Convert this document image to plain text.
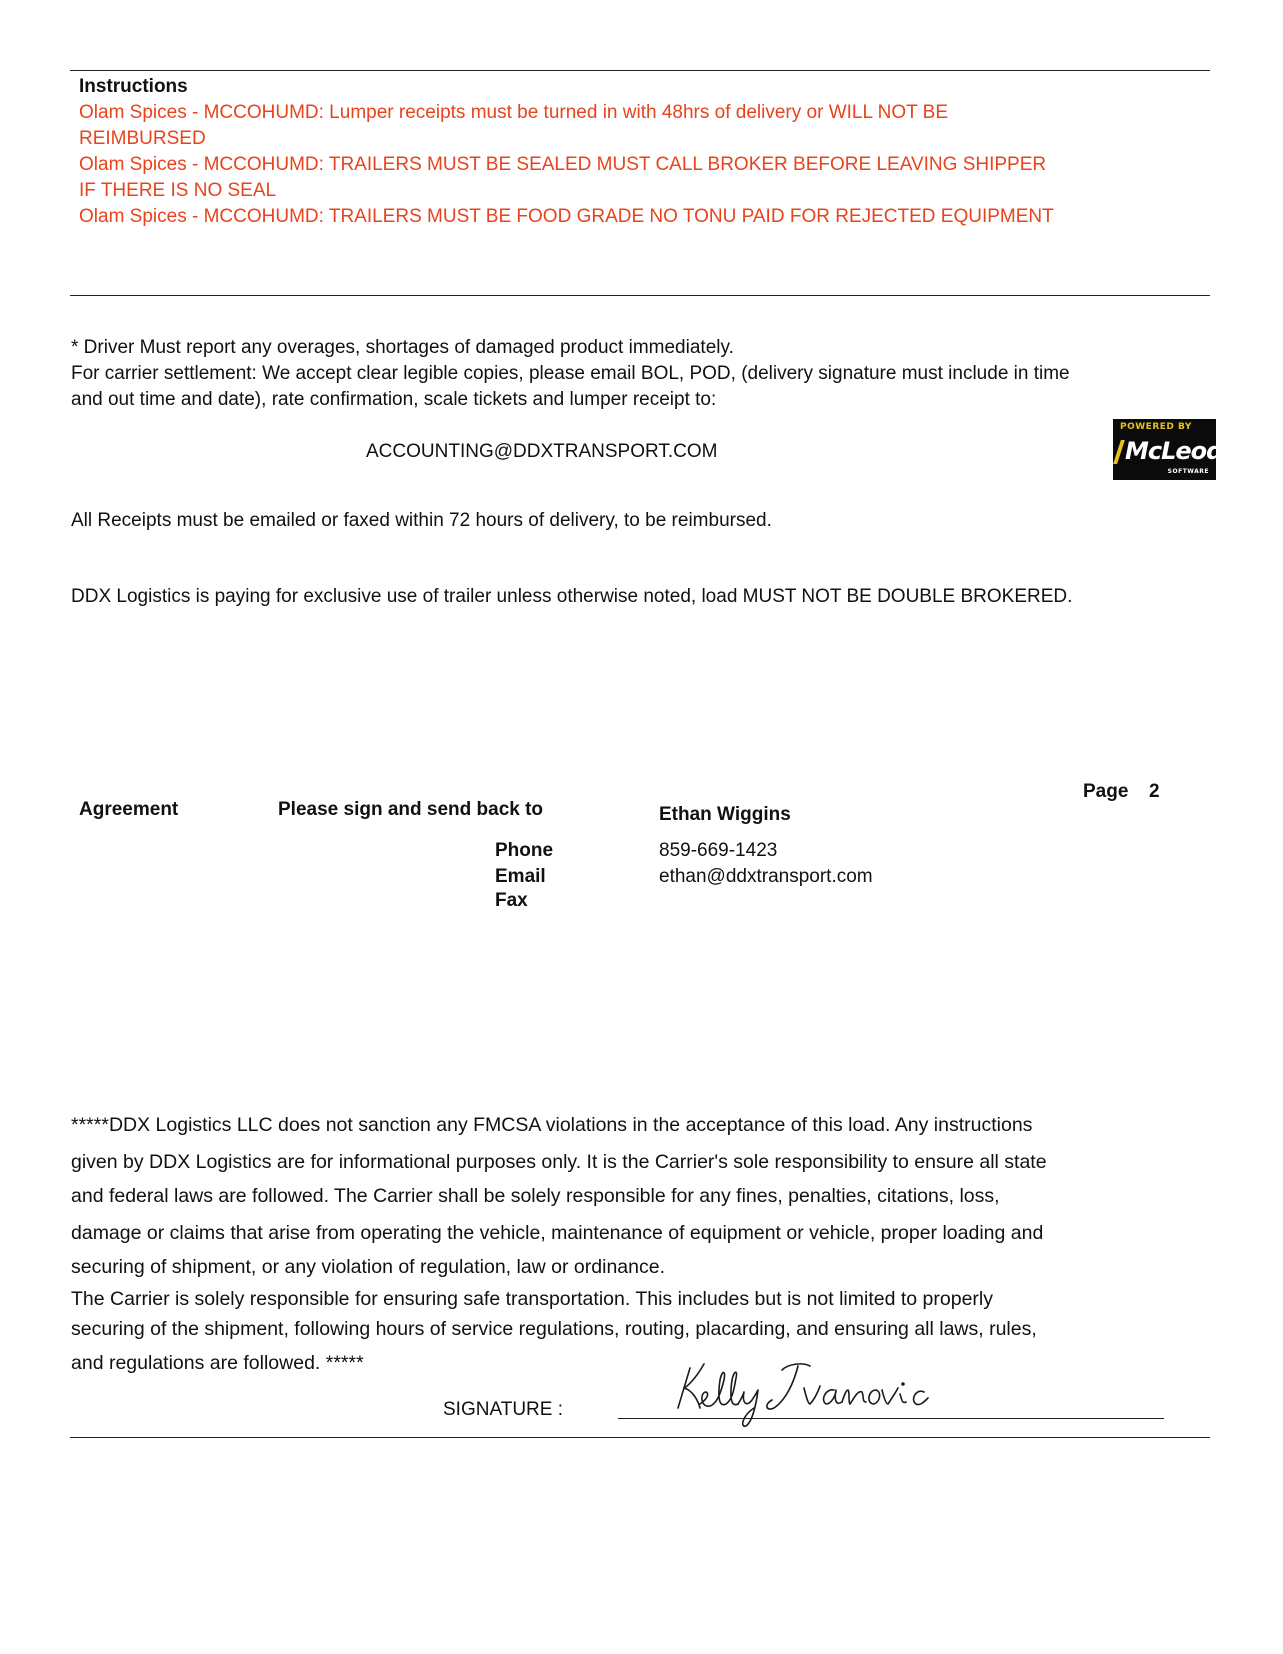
Instructions
Olam Spices - MCCOHUMD: Lumper receipts must be turned in with 48hrs of delivery or WILL NOT BE
REIMBURSED
Olam Spices - MCCOHUMD: TRAILERS MUST BE SEALED MUST CALL BROKER BEFORE LEAVING SHIPPER
IF THERE IS NO SEAL
Olam Spices - MCCOHUMD: TRAILERS MUST BE FOOD GRADE NO TONU PAID FOR REJECTED EQUIPMENT
* Driver Must report any overages, shortages of damaged product immediately.
For carrier settlement: We accept clear legible copies, please email BOL, POD, (delivery signature must include in time
and out time and date), rate confirmation, scale tickets and lumper receipt to:
ACCOUNTING@DDXTRANSPORT.COM
POWERED BY
McLeod
SOFTWARE
All Receipts must be emailed or faxed within 72 hours of delivery, to be reimbursed.
DDX Logistics is paying for exclusive use of trailer unless otherwise noted, load MUST NOT BE DOUBLE BROKERED.
Page 2
Agreement	Please sign and send back to	Ethan Wiggins
Phone	859-669-1423
Email	ethan@ddxtransport.com
Fax
*****DDX Logistics LLC does not sanction any FMCSA violations in the acceptance of this load. Any instructions
given by DDX Logistics are for informational purposes only. It is the Carrier's sole responsibility to ensure all state
and federal laws are followed. The Carrier shall be solely responsible for any fines, penalties, citations, loss,
damage or claims that arise from operating the vehicle, maintenance of equipment or vehicle, proper loading and
securing of shipment, or any violation of regulation, law or ordinance.
The Carrier is solely responsible for ensuring safe transportation. This includes but is not limited to properly
securing of the shipment, following hours of service regulations, routing, placarding, and ensuring all laws, rules,
and regulations are followed. *****
SIGNATURE :
